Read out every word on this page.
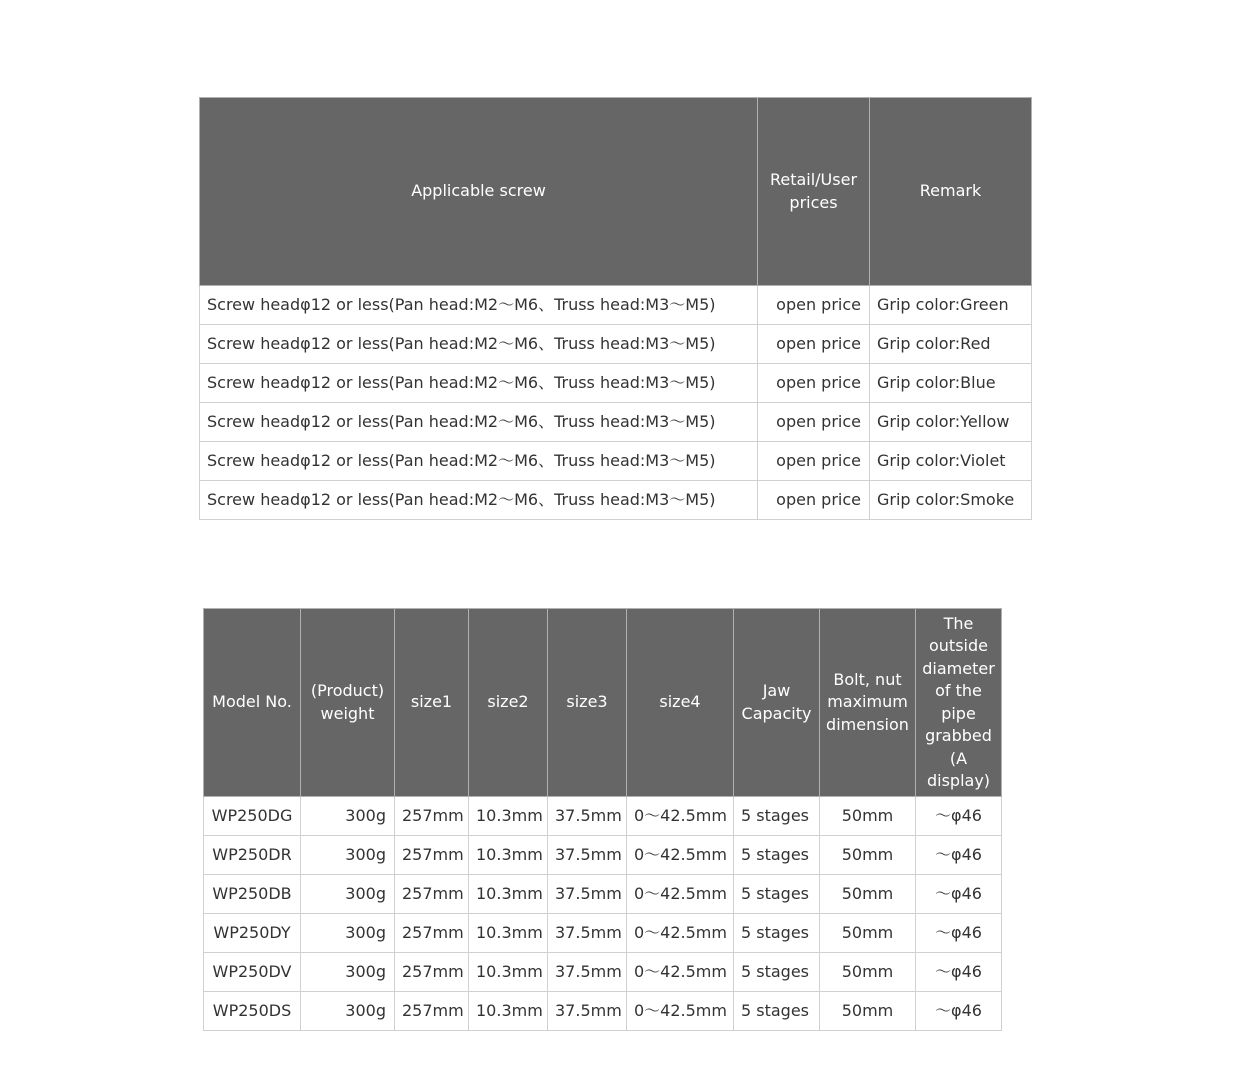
Applicable screw	Retail/User prices	Remark
Screw headφ12 or less(Pan head:M2～M6、Truss head:M3～M5)	open price	Grip color:Green
Screw headφ12 or less(Pan head:M2～M6、Truss head:M3～M5)	open price	Grip color:Red
Screw headφ12 or less(Pan head:M2～M6、Truss head:M3～M5)	open price	Grip color:Blue
Screw headφ12 or less(Pan head:M2～M6、Truss head:M3～M5)	open price	Grip color:Yellow
Screw headφ12 or less(Pan head:M2～M6、Truss head:M3～M5)	open price	Grip color:Violet
Screw headφ12 or less(Pan head:M2～M6、Truss head:M3～M5)	open price	Grip color:Smoke
Model No.	(Product) weight	size1	size2	size3	size4	Jaw Capacity	Bolt, nut maximum dimension	The outside diameter of the pipe grabbed (A display)
WP250DG	300g	257mm	10.3mm	37.5mm	0～42.5mm	5 stages	50mm	～φ46
WP250DR	300g	257mm	10.3mm	37.5mm	0～42.5mm	5 stages	50mm	～φ46
WP250DB	300g	257mm	10.3mm	37.5mm	0～42.5mm	5 stages	50mm	～φ46
WP250DY	300g	257mm	10.3mm	37.5mm	0～42.5mm	5 stages	50mm	～φ46
WP250DV	300g	257mm	10.3mm	37.5mm	0～42.5mm	5 stages	50mm	～φ46
WP250DS	300g	257mm	10.3mm	37.5mm	0～42.5mm	5 stages	50mm	～φ46
